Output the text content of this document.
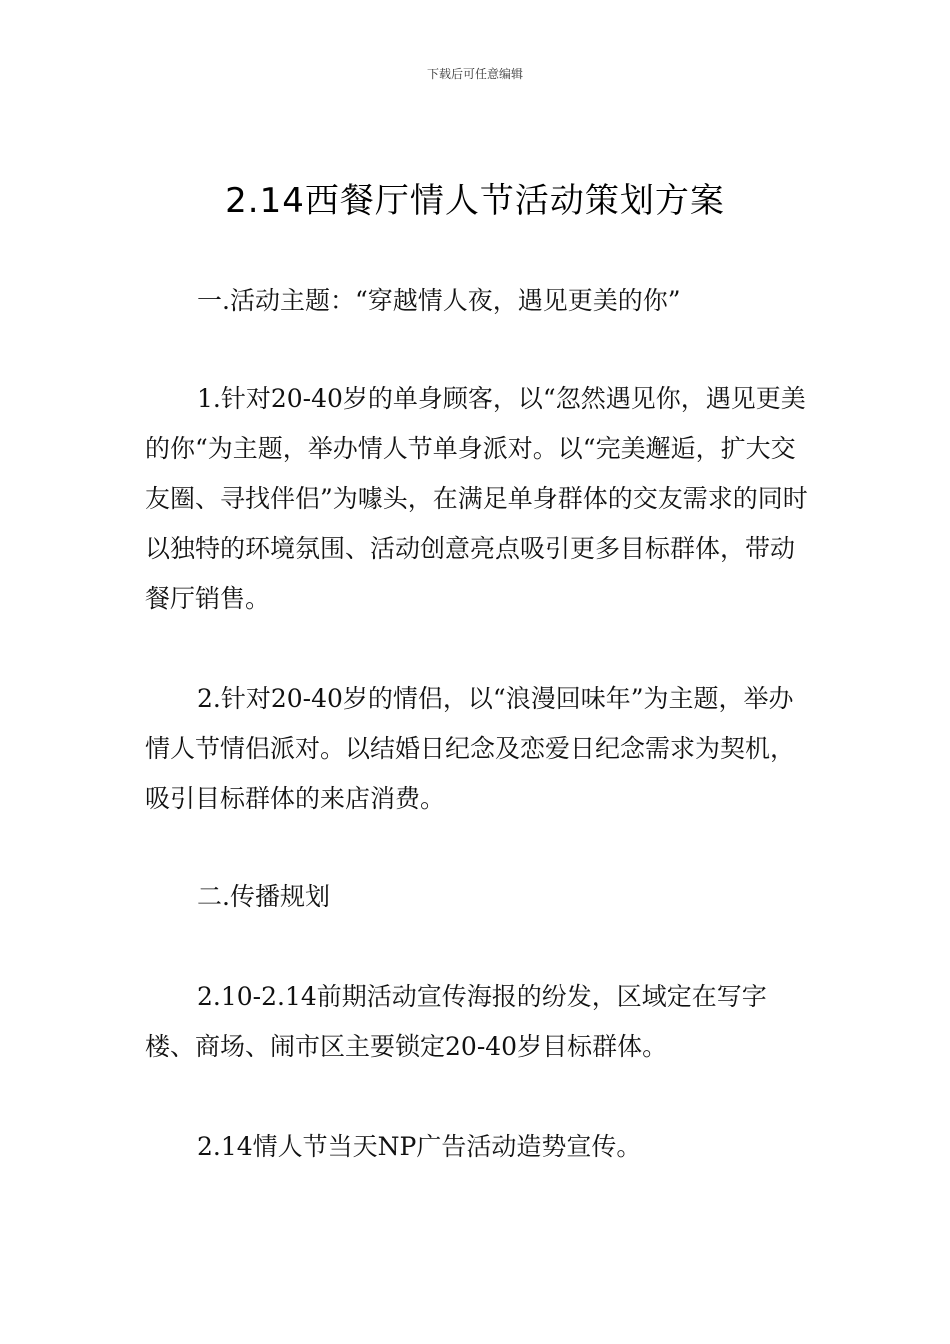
下载后可任意编辑
2.14西餐厅情人节活动策划方案

一.活动主题：“穿越情人夜，遇见更美的你”

1.针对20-40岁的单身顾客，以“忽然遇见你，遇见更美的你“为主题，举办情人节单身派对。以“完美邂逅，扩大交友圈、寻找伴侣”为噱头，在满足单身群体的交友需求的同时以独特的环境氛围、活动创意亮点吸引更多目标群体，带动餐厅销售。

2.针对20-40岁的情侣，以“浪漫回味年”为主题，举办情人节情侣派对。以结婚日纪念及恋爱日纪念需求为契机，吸引目标群体的来店消费。

二.传播规划

2.10-2.14前期活动宣传海报的纷发，区域定在写字楼、商场、闹市区主要锁定20-40岁目标群体。

2.14情人节当天NP广告活动造势宣传。
